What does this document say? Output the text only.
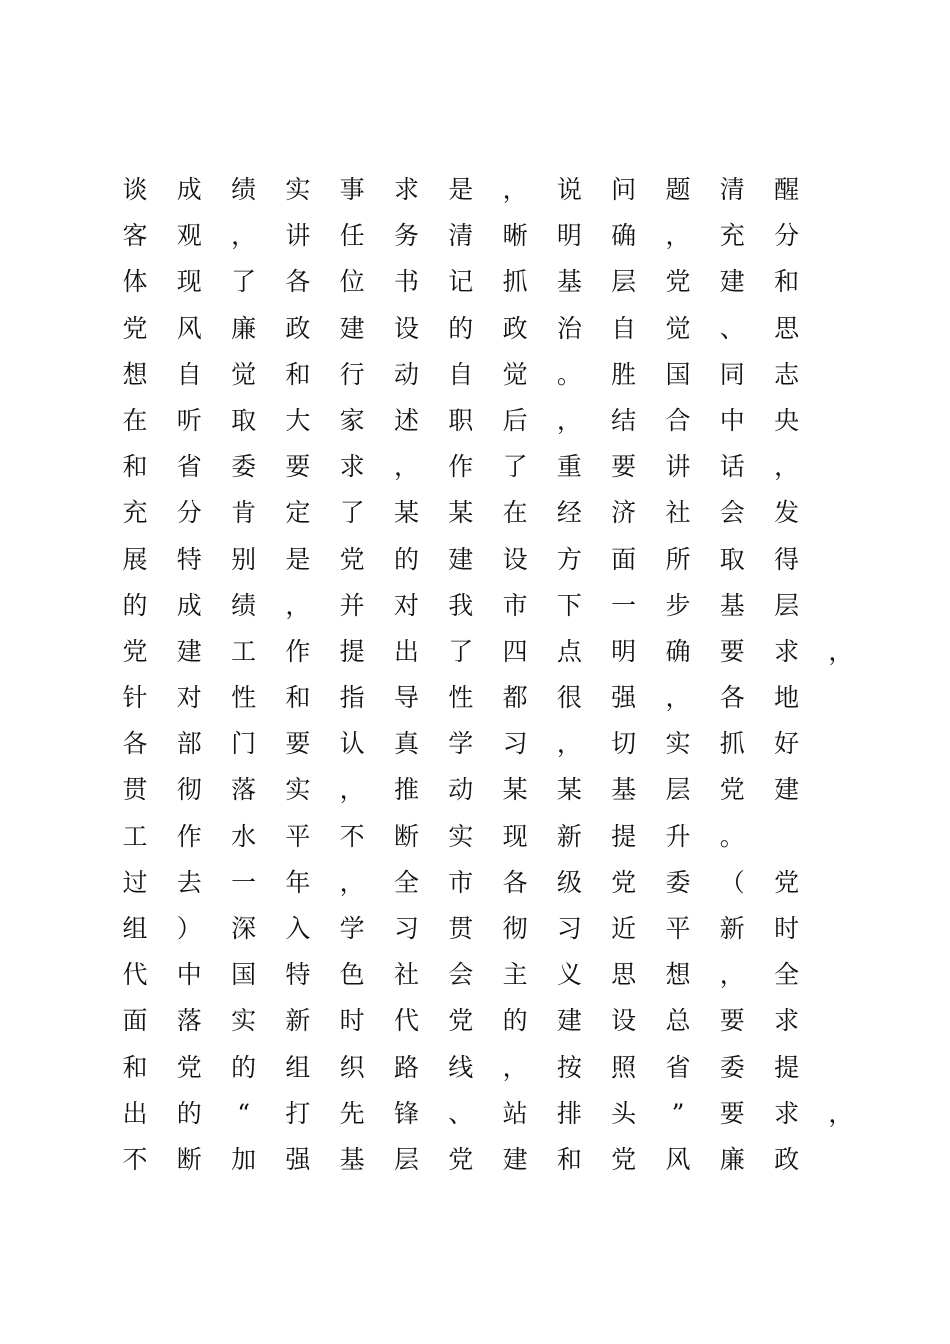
谈	成	绩	实	事	求	是	，	说	问	题	清	醒
客	观	，	讲	任	务	清	晰	明	确	，	充	分
体	现	了	各	位	书	记	抓	基	层	党	建	和
党	风	廉	政	建	设	的	政	治	自	觉	、	思
想	自	觉	和	行	动	自	觉	。	胜	国	同	志
在	听	取	大	家	述	职	后	，	结	合	中	央
和	省	委	要	求	，	作	了	重	要	讲	话	，
充	分	肯	定	了	某	某	在	经	济	社	会	发
展	特	别	是	党	的	建	设	方	面	所	取	得
的	成	绩	，	并	对	我	市	下	一	步	基	层
党	建	工	作	提	出	了	四	点	明	确	要	求	，
针	对	性	和	指	导	性	都	很	强	，	各	地
各	部	门	要	认	真	学	习	，	切	实	抓	好
贯	彻	落	实	，	推	动	某	某	基	层	党	建
工	作	水	平	不	断	实	现	新	提	升	。
过	去	一	年	，	全	市	各	级	党	委	（	党
组	）	深	入	学	习	贯	彻	习	近	平	新	时
代	中	国	特	色	社	会	主	义	思	想	，	全
面	落	实	新	时	代	党	的	建	设	总	要	求
和	党	的	组	织	路	线	，	按	照	省	委	提
出	的	“	打	先	锋	、	站	排	头	”	要	求	，
不	断	加	强	基	层	党	建	和	党	风	廉	政
